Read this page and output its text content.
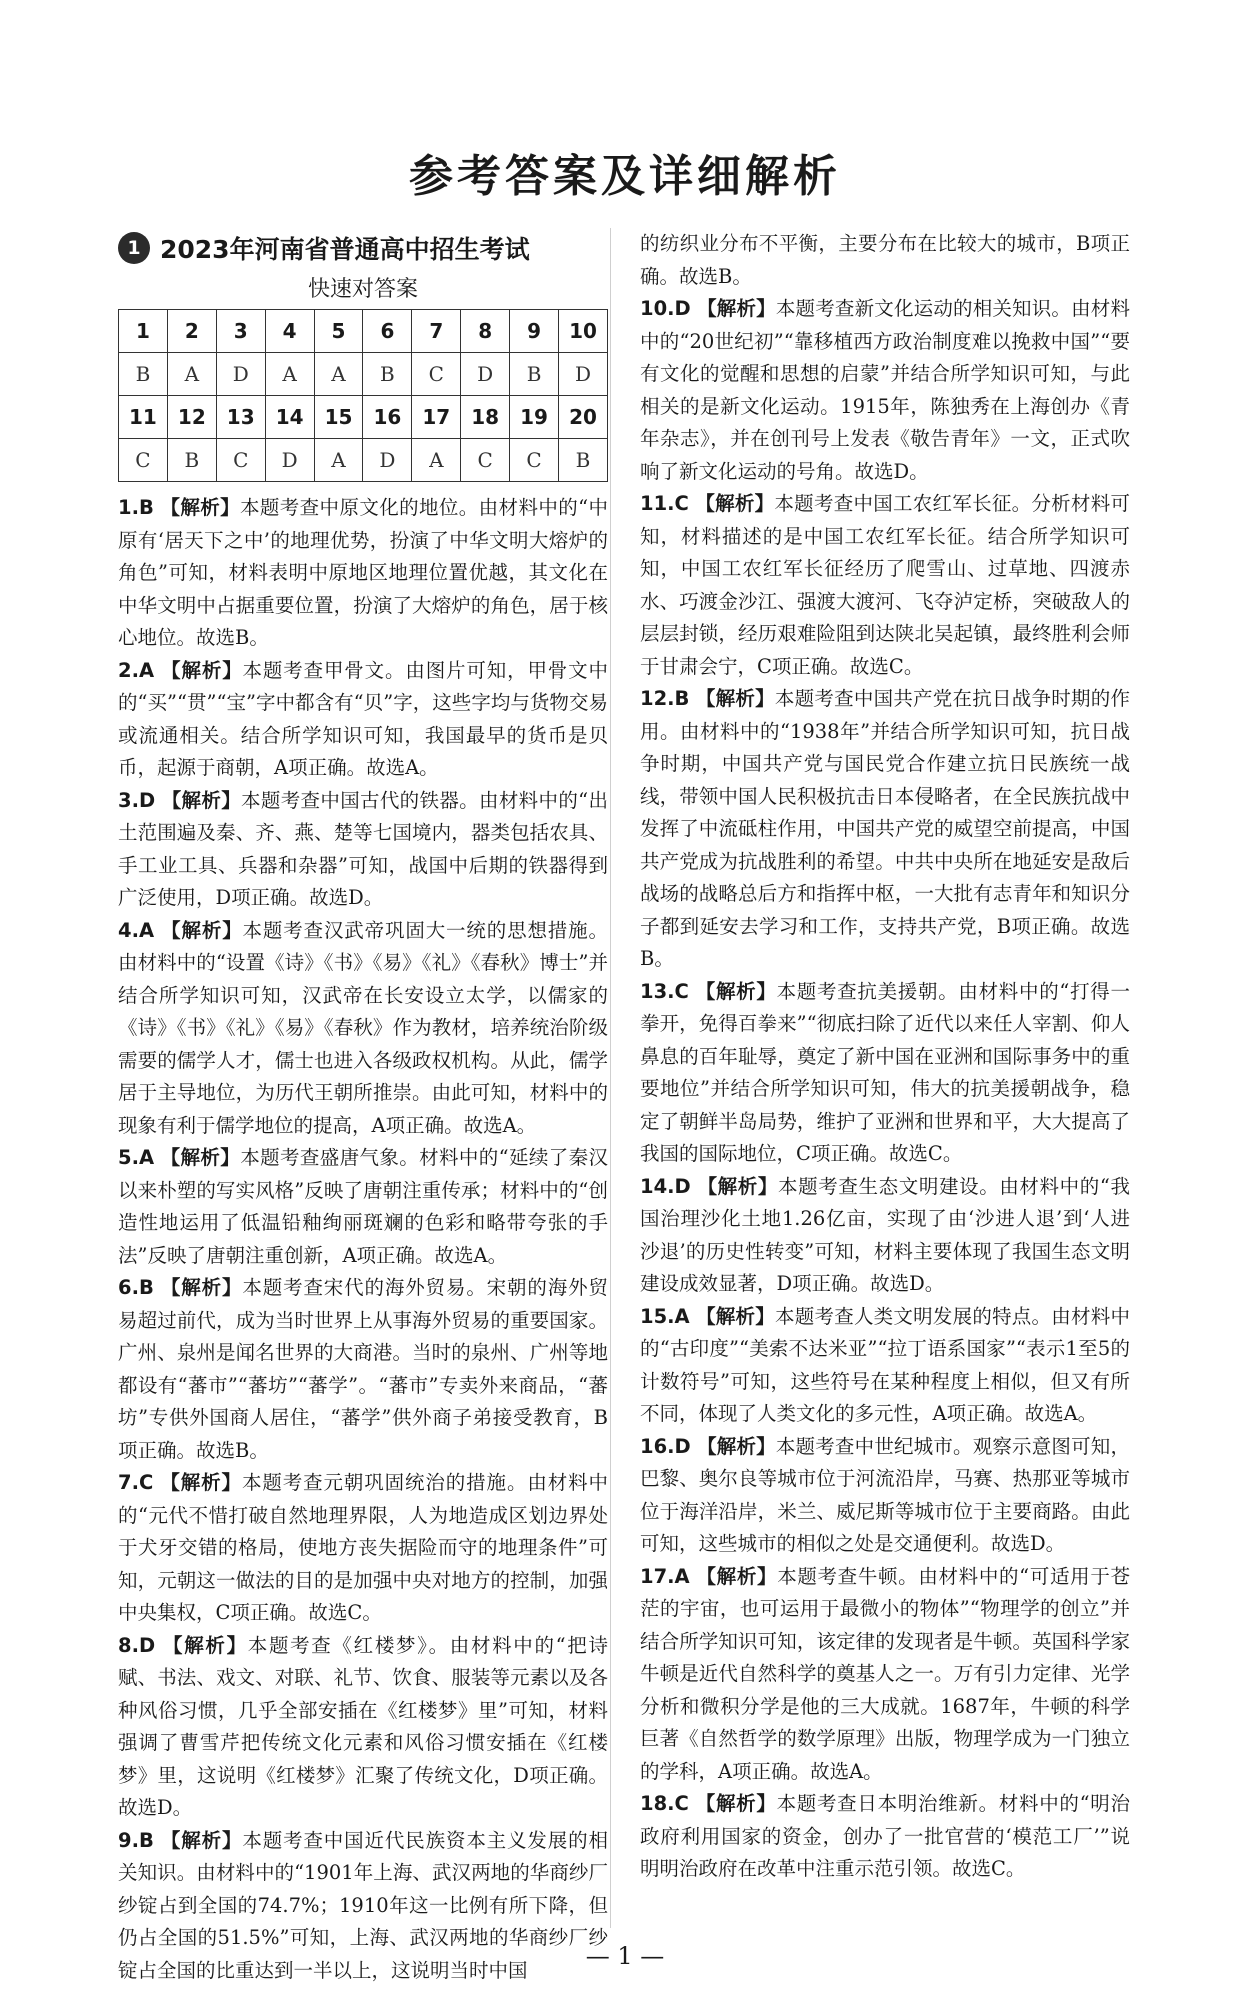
参考答案及详细解析
1 2023年河南省普通高中招生考试
快速对答案
1	2	3	4	5	6	7	8	9	10
B	A	D	A	A	B	C	D	B	D
11	12	13	14	15	16	17	18	19	20
C	B	C	D	A	D	A	C	C	B

1.B 【解析】本题考查中原文化的地位。由材料中的“中原有‘居天下之中’的地理优势，扮演了中华文明大熔炉的角色”可知，材料表明中原地区地理位置优越，其文化在中华文明中占据重要位置，扮演了大熔炉的角色，居于核心地位。故选B。

2.A 【解析】本题考查甲骨文。由图片可知，甲骨文中的“买”“贯”“宝”字中都含有“贝”字，这些字均与货物交易或流通相关。结合所学知识可知，我国最早的货币是贝币，起源于商朝，A项正确。故选A。

3.D 【解析】本题考查中国古代的铁器。由材料中的“出土范围遍及秦、齐、燕、楚等七国境内，器类包括农具、手工业工具、兵器和杂器”可知，战国中后期的铁器得到广泛使用，D项正确。故选D。

4.A 【解析】本题考查汉武帝巩固大一统的思想措施。由材料中的“设置《诗》《书》《易》《礼》《春秋》博士”并结合所学知识可知，汉武帝在长安设立太学，以儒家的《诗》《书》《礼》《易》《春秋》作为教材，培养统治阶级需要的儒学人才，儒士也进入各级政权机构。从此，儒学居于主导地位，为历代王朝所推崇。由此可知，材料中的现象有利于儒学地位的提高，A项正确。故选A。

5.A 【解析】本题考查盛唐气象。材料中的“延续了秦汉以来朴塑的写实风格”反映了唐朝注重传承；材料中的“创造性地运用了低温铅釉绚丽斑斓的色彩和略带夸张的手法”反映了唐朝注重创新，A项正确。故选A。

6.B 【解析】本题考查宋代的海外贸易。宋朝的海外贸易超过前代，成为当时世界上从事海外贸易的重要国家。广州、泉州是闻名世界的大商港。当时的泉州、广州等地都设有“蕃市”“蕃坊”“蕃学”。“蕃市”专卖外来商品，“蕃坊”专供外国商人居住，“蕃学”供外商子弟接受教育，B项正确。故选B。

7.C 【解析】本题考查元朝巩固统治的措施。由材料中的“元代不惜打破自然地理界限，人为地造成区划边界处于犬牙交错的格局，使地方丧失据险而守的地理条件”可知，元朝这一做法的目的是加强中央对地方的控制，加强中央集权，C项正确。故选C。

8.D 【解析】本题考查《红楼梦》。由材料中的“把诗赋、书法、戏文、对联、礼节、饮食、服装等元素以及各种风俗习惯，几乎全部安插在《红楼梦》里”可知，材料强调了曹雪芹把传统文化元素和风俗习惯安插在《红楼梦》里，这说明《红楼梦》汇聚了传统文化，D项正确。故选D。

9.B 【解析】本题考查中国近代民族资本主义发展的相关知识。由材料中的“1901年上海、武汉两地的华商纱厂纱锭占到全国的74.7%；1910年这一比例有所下降，但仍占全国的51.5%”可知，上海、武汉两地的华商纱厂纱锭占全国的比重达到一半以上，这说明当时中国

的纺织业分布不平衡，主要分布在比较大的城市，B项正确。故选B。

10.D 【解析】本题考查新文化运动的相关知识。由材料中的“20世纪初”“靠移植西方政治制度难以挽救中国”“要有文化的觉醒和思想的启蒙”并结合所学知识可知，与此相关的是新文化运动。1915年，陈独秀在上海创办《青年杂志》，并在创刊号上发表《敬告青年》一文，正式吹响了新文化运动的号角。故选D。

11.C 【解析】本题考查中国工农红军长征。分析材料可知，材料描述的是中国工农红军长征。结合所学知识可知，中国工农红军长征经历了爬雪山、过草地、四渡赤水、巧渡金沙江、强渡大渡河、飞夺泸定桥，突破敌人的层层封锁，经历艰难险阻到达陕北吴起镇，最终胜利会师于甘肃会宁，C项正确。故选C。

12.B 【解析】本题考查中国共产党在抗日战争时期的作用。由材料中的“1938年”并结合所学知识可知，抗日战争时期，中国共产党与国民党合作建立抗日民族统一战线，带领中国人民积极抗击日本侵略者，在全民族抗战中发挥了中流砥柱作用，中国共产党的威望空前提高，中国共产党成为抗战胜利的希望。中共中央所在地延安是敌后战场的战略总后方和指挥中枢，一大批有志青年和知识分子都到延安去学习和工作，支持共产党，B项正确。故选B。

13.C 【解析】本题考查抗美援朝。由材料中的“打得一拳开，免得百拳来”“彻底扫除了近代以来任人宰割、仰人鼻息的百年耻辱，奠定了新中国在亚洲和国际事务中的重要地位”并结合所学知识可知，伟大的抗美援朝战争，稳定了朝鲜半岛局势，维护了亚洲和世界和平，大大提高了我国的国际地位，C项正确。故选C。

14.D 【解析】本题考查生态文明建设。由材料中的“我国治理沙化土地1.26亿亩，实现了由‘沙进人退’到‘人进沙退’的历史性转变”可知，材料主要体现了我国生态文明建设成效显著，D项正确。故选D。

15.A 【解析】本题考查人类文明发展的特点。由材料中的“古印度”“美索不达米亚”“拉丁语系国家”“表示1至5的计数符号”可知，这些符号在某种程度上相似，但又有所不同，体现了人类文化的多元性，A项正确。故选A。

16.D 【解析】本题考查中世纪城市。观察示意图可知，巴黎、奥尔良等城市位于河流沿岸，马赛、热那亚等城市位于海洋沿岸，米兰、威尼斯等城市位于主要商路。由此可知，这些城市的相似之处是交通便利。故选D。

17.A 【解析】本题考查牛顿。由材料中的“可适用于苍茫的宇宙，也可运用于最微小的物体”“物理学的创立”并结合所学知识可知，该定律的发现者是牛顿。英国科学家牛顿是近代自然科学的奠基人之一。万有引力定律、光学分析和微积分学是他的三大成就。1687年，牛顿的科学巨著《自然哲学的数学原理》出版，物理学成为一门独立的学科，A项正确。故选A。

18.C 【解析】本题考查日本明治维新。材料中的“明治政府利用国家的资金，创办了一批官营的‘模范工厂’”说明明治政府在改革中注重示范引领。故选C。

— 1 —
